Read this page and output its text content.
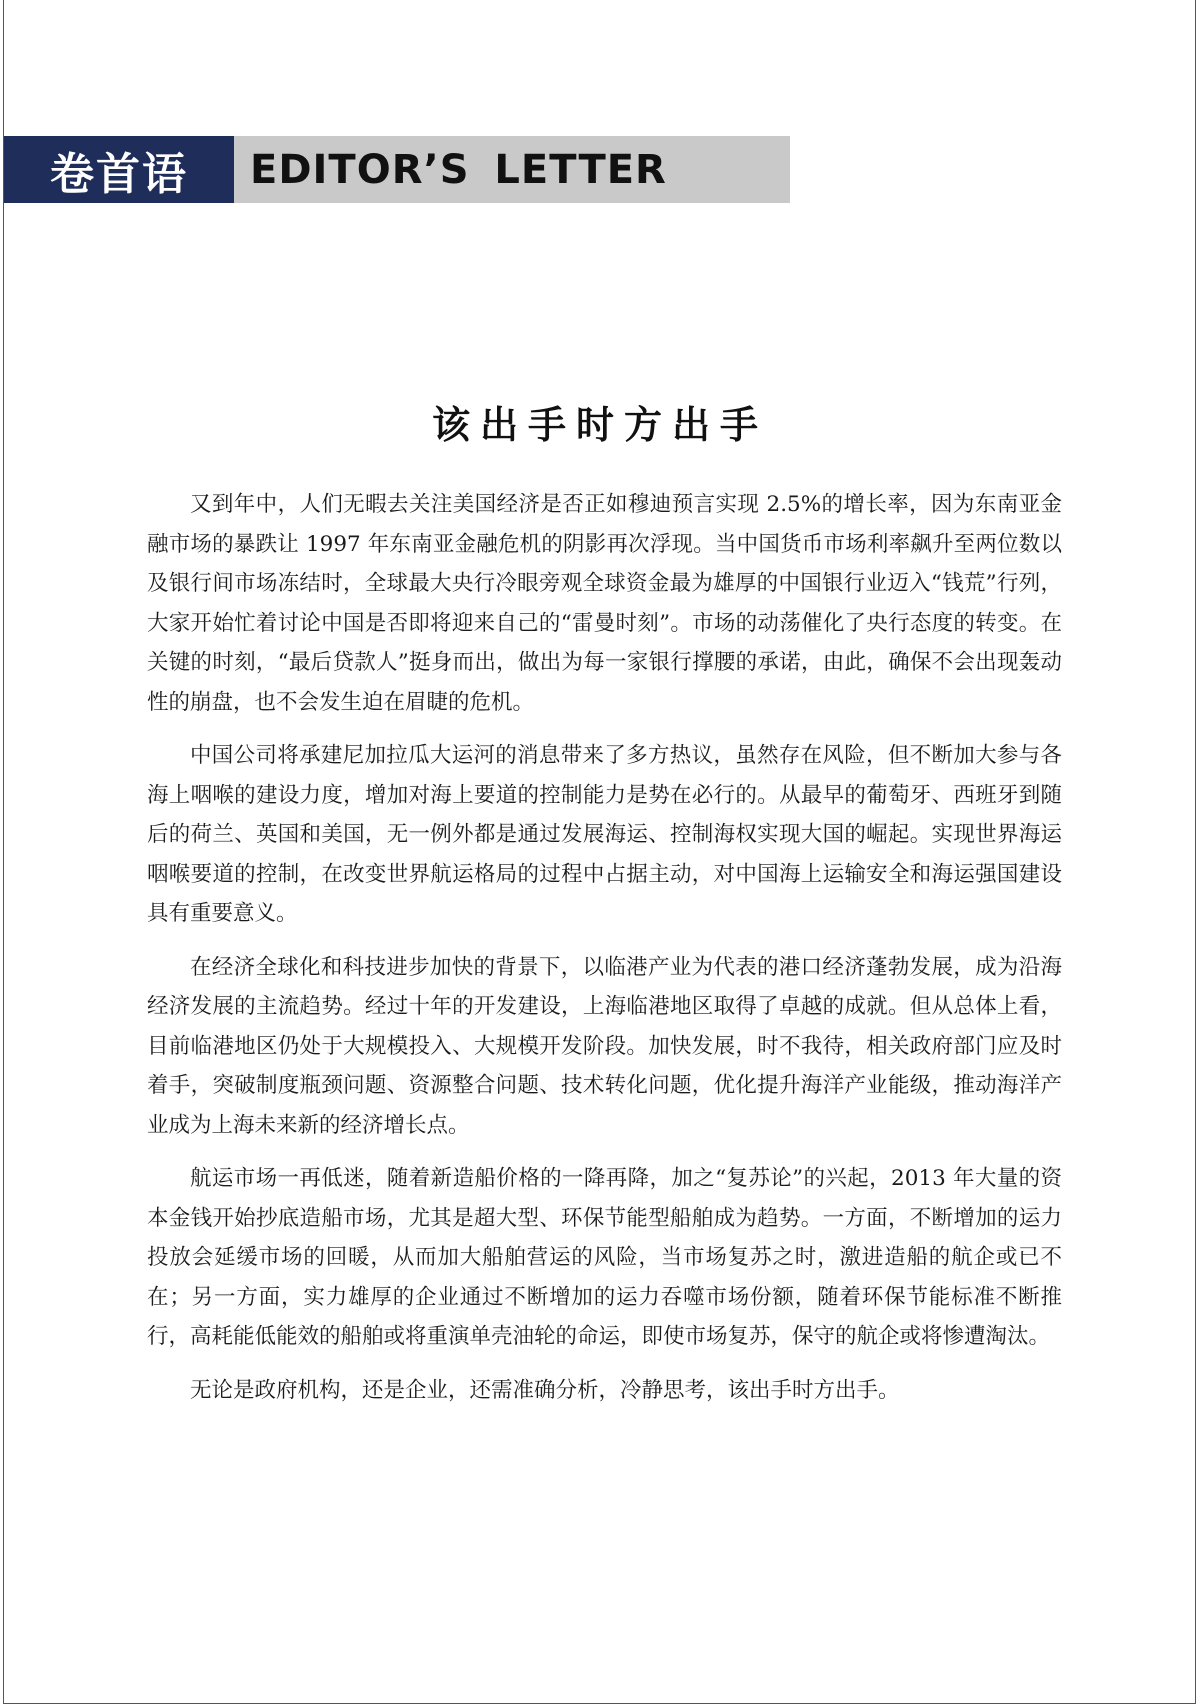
卷首语	EDITOR’S LETTER
该出手时方出手

又到年中，人们无暇去关注美国经济是否正如穆迪预言实现 2.5%的增长率，因为东南亚金融市场的暴跌让 1997 年东南亚金融危机的阴影再次浮现。当中国货币市场利率飙升至两位数以及银行间市场冻结时，全球最大央行冷眼旁观全球资金最为雄厚的中国银行业迈入“钱荒”行列，大家开始忙着讨论中国是否即将迎来自己的“雷曼时刻”。市场的动荡催化了央行态度的转变。在关键的时刻，“最后贷款人”挺身而出，做出为每一家银行撑腰的承诺，由此，确保不会出现轰动性的崩盘，也不会发生迫在眉睫的危机。

中国公司将承建尼加拉瓜大运河的消息带来了多方热议，虽然存在风险，但不断加大参与各海上咽喉的建设力度，增加对海上要道的控制能力是势在必行的。从最早的葡萄牙、西班牙到随后的荷兰、英国和美国，无一例外都是通过发展海运、控制海权实现大国的崛起。实现世界海运咽喉要道的控制，在改变世界航运格局的过程中占据主动，对中国海上运输安全和海运强国建设具有重要意义。

在经济全球化和科技进步加快的背景下，以临港产业为代表的港口经济蓬勃发展，成为沿海经济发展的主流趋势。经过十年的开发建设，上海临港地区取得了卓越的成就。但从总体上看，目前临港地区仍处于大规模投入、大规模开发阶段。加快发展，时不我待，相关政府部门应及时着手，突破制度瓶颈问题、资源整合问题、技术转化问题，优化提升海洋产业能级，推动海洋产业成为上海未来新的经济增长点。

航运市场一再低迷，随着新造船价格的一降再降，加之“复苏论”的兴起，2013 年大量的资本金钱开始抄底造船市场，尤其是超大型、环保节能型船舶成为趋势。一方面，不断增加的运力投放会延缓市场的回暖，从而加大船舶营运的风险，当市场复苏之时，激进造船的航企或已不在；另一方面，实力雄厚的企业通过不断增加的运力吞噬市场份额，随着环保节能标准不断推行，高耗能低能效的船舶或将重演单壳油轮的命运，即使市场复苏，保守的航企或将惨遭淘汰。

无论是政府机构，还是企业，还需准确分析，冷静思考，该出手时方出手。
